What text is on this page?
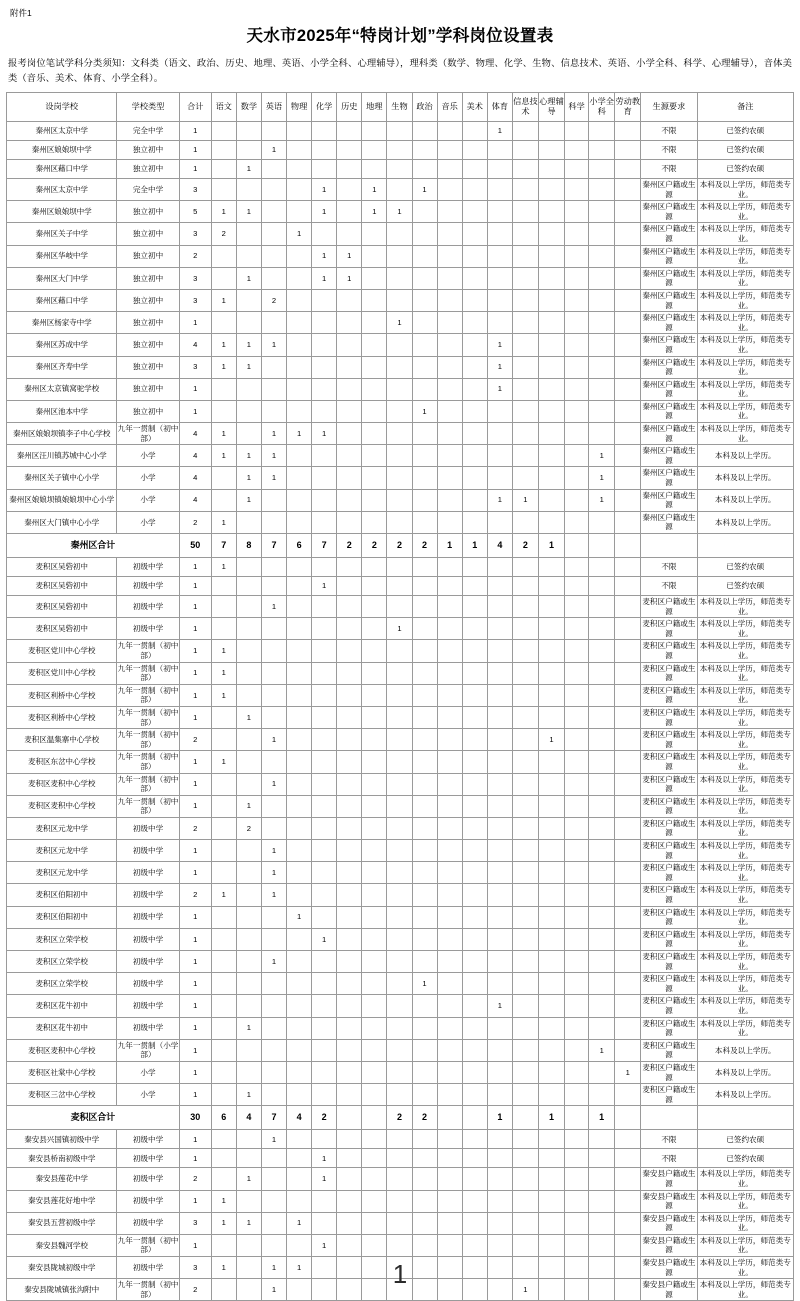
附件1
天水市2025年“特岗计划”学科岗位设置表
报考岗位笔试学科分类须知：文科类（语文、政治、历史、地理、英语、小学全科、心理辅导），理科类（数学、物理、化学、生物、信息技术、英语、小学全科、科学、心理辅导），音体美类（音乐、美术、体育、小学全科）。
设岗学校	学校类型	合计	语文	数学	英语	物理	化学	历史	地理	生物	政治	音乐	美术	体育	信息技术	心理辅导	科学	小学全科	劳动教育	生源要求	备注
秦州区太京中学	完全中学	1												1						不限	已签约农硕
秦州区娘娘坝中学	独立初中	1			1															不限	已签约农硕
秦州区藉口中学	独立初中	1		1																不限	已签约农硕
秦州区太京中学	完全中学	3					1		1		1									秦州区户籍或生源	本科及以上学历，师范类专业。
秦州区娘娘坝中学	独立初中	5	1	1			1		1	1										秦州区户籍或生源	本科及以上学历，师范类专业。
秦州区关子中学	独立初中	3	2			1														秦州区户籍或生源	本科及以上学历，师范类专业。
秦州区华岐中学	独立初中	2					1	1												秦州区户籍或生源	本科及以上学历，师范类专业。
秦州区大门中学	独立初中	3		1			1	1												秦州区户籍或生源	本科及以上学历，师范类专业。
秦州区藉口中学	独立初中	3	1		2															秦州区户籍或生源	本科及以上学历，师范类专业。
秦州区杨家寺中学	独立初中	1								1										秦州区户籍或生源	本科及以上学历，师范类专业。
秦州区苏成中学	独立初中	4	1	1	1									1						秦州区户籍或生源	本科及以上学历，师范类专业。
秦州区齐寿中学	独立初中	3	1	1										1						秦州区户籍或生源	本科及以上学历，师范类专业。
秦州区太京镇窝驼学校	独立初中	1												1						秦州区户籍或生源	本科及以上学历，师范类专业。
秦州区池本中学	独立初中	1									1									秦州区户籍或生源	本科及以上学历，师范类专业。
秦州区娘娘坝镇李子中心学校	九年一贯制（初中部）	4	1		1	1	1													秦州区户籍或生源	本科及以上学历，师范类专业。
秦州区汪川镇苏城中心小学	小学	4	1	1	1													1		秦州区户籍或生源	本科及以上学历。
秦州区关子镇中心小学	小学	4		1	1													1		秦州区户籍或生源	本科及以上学历。
秦州区娘娘坝镇娘娘坝中心小学	小学	4		1										1	1			1		秦州区户籍或生源	本科及以上学历。
秦州区大门镇中心小学	小学	2	1																	秦州区户籍或生源	本科及以上学历。
秦州区合计		50	7	8	7	6	7	2	2	2	2	1	1	4	2	1					
麦积区吴砦初中	初级中学	1	1																	不限	已签约农硕
麦积区吴砦初中	初级中学	1					1													不限	已签约农硕
麦积区吴砦初中	初级中学	1			1															麦积区户籍或生源	本科及以上学历，师范类专业。
麦积区吴砦初中	初级中学	1								1										麦积区户籍或生源	本科及以上学历，师范类专业。
麦积区党川中心学校	九年一贯制（初中部）	1	1																	麦积区户籍或生源	本科及以上学历，师范类专业。
麦积区党川中心学校	九年一贯制（初中部）	1	1																	麦积区户籍或生源	本科及以上学历，师范类专业。
麦积区利桥中心学校	九年一贯制（初中部）	1	1																	麦积区户籍或生源	本科及以上学历，师范类专业。
麦积区利桥中心学校	九年一贯制（初中部）	1		1																麦积区户籍或生源	本科及以上学历，师范类专业。
麦积区温集寨中心学校	九年一贯制（初中部）	2			1											1				麦积区户籍或生源	本科及以上学历，师范类专业。
麦积区东岔中心学校	九年一贯制（初中部）	1	1																	麦积区户籍或生源	本科及以上学历，师范类专业。
麦积区麦积中心学校	九年一贯制（初中部）	1			1															麦积区户籍或生源	本科及以上学历，师范类专业。
麦积区麦积中心学校	九年一贯制（初中部）	1		1																麦积区户籍或生源	本科及以上学历，师范类专业。
麦积区元龙中学	初级中学	2		2																麦积区户籍或生源	本科及以上学历，师范类专业。
麦积区元龙中学	初级中学	1			1															麦积区户籍或生源	本科及以上学历，师范类专业。
麦积区元龙中学	初级中学	1			1															麦积区户籍或生源	本科及以上学历，师范类专业。
麦积区伯阳初中	初级中学	2	1		1															麦积区户籍或生源	本科及以上学历，师范类专业。
麦积区伯阳初中	初级中学	1				1														麦积区户籍或生源	本科及以上学历，师范类专业。
麦积区立荣学校	初级中学	1					1													麦积区户籍或生源	本科及以上学历，师范类专业。
麦积区立荣学校	初级中学	1			1															麦积区户籍或生源	本科及以上学历，师范类专业。
麦积区立荣学校	初级中学	1									1									麦积区户籍或生源	本科及以上学历，师范类专业。
麦积区花牛初中	初级中学	1												1						麦积区户籍或生源	本科及以上学历，师范类专业。
麦积区花牛初中	初级中学	1		1																麦积区户籍或生源	本科及以上学历，师范类专业。
麦积区麦积中心学校	九年一贯制（小学部）	1																1		麦积区户籍或生源	本科及以上学历。
麦积区社棠中心学校	小学	1																	1	麦积区户籍或生源	本科及以上学历。
麦积区三岔中心学校	小学	1		1																麦积区户籍或生源	本科及以上学历。
麦积区合计		30	6	4	7	4	2			2	2			1		1		1			
秦安县兴国镇初级中学	初级中学	1			1															不限	已签约农硕
秦安县桥南初级中学	初级中学	1					1													不限	已签约农硕
秦安县莲花中学	初级中学	2		1			1													秦安县户籍或生源	本科及以上学历，师范类专业。
秦安县莲花好地中学	初级中学	1	1																	秦安县户籍或生源	本科及以上学历，师范类专业。
秦安县五营初级中学	初级中学	3	1	1		1														秦安县户籍或生源	本科及以上学历，师范类专业。
秦安县魏河学校	九年一贯制（初中部）	1					1													秦安县户籍或生源	本科及以上学历，师范类专业。
秦安县陇城初级中学	初级中学	3	1		1	1														秦安县户籍或生源	本科及以上学历，师范类专业。
秦安县陇城镇张沟附中	九年一贯制（初中部）	2			1										1					秦安县户籍或生源	本科及以上学历，师范类专业。
1
